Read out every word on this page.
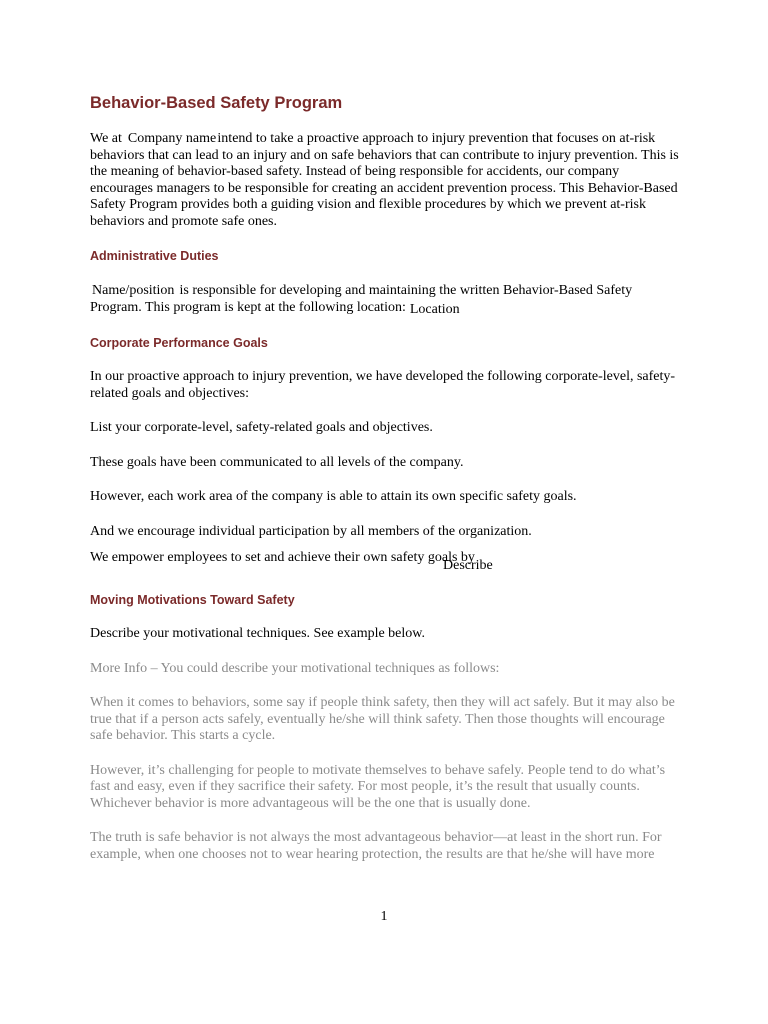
Behavior-Based Safety Program

We at Company name intend to take a proactive approach to injury prevention that focuses on at-risk behaviors that can lead to an injury and on safe behaviors that can contribute to injury prevention. This is the meaning of behavior-based safety. Instead of being responsible for accidents, our company encourages managers to be responsible for creating an accident prevention process. This Behavior-Based Safety Program provides both a guiding vision and flexible procedures by which we prevent at-risk behaviors and promote safe ones.

Administrative Duties

Name/position is responsible for developing and maintaining the written Behavior-Based Safety Program. This program is kept at the following location: Location

Corporate Performance Goals

In our proactive approach to injury prevention, we have developed the following corporate-level, safety-related goals and objectives:

List your corporate-level, safety-related goals and objectives.

These goals have been communicated to all levels of the company.

However, each work area of the company is able to attain its own specific safety goals.

And we encourage individual participation by all members of the organization.

We empower employees to set and achieve their own safety goals by

Describe
Moving Motivations Toward Safety

Describe your motivational techniques. See example below.

More Info – You could describe your motivational techniques as follows:

When it comes to behaviors, some say if people think safety, then they will act safely. But it may also be true that if a person acts safely, eventually he/she will think safety. Then those thoughts will encourage safe behavior. This starts a cycle.

However, it’s challenging for people to motivate themselves to behave safely. People tend to do what’s fast and easy, even if they sacrifice their safety. For most people, it’s the result that usually counts. Whichever behavior is more advantageous will be the one that is usually done.

The truth is safe behavior is not always the most advantageous behavior—at least in the short run. For example, when one chooses not to wear hearing protection, the results are that he/she will have more

1
